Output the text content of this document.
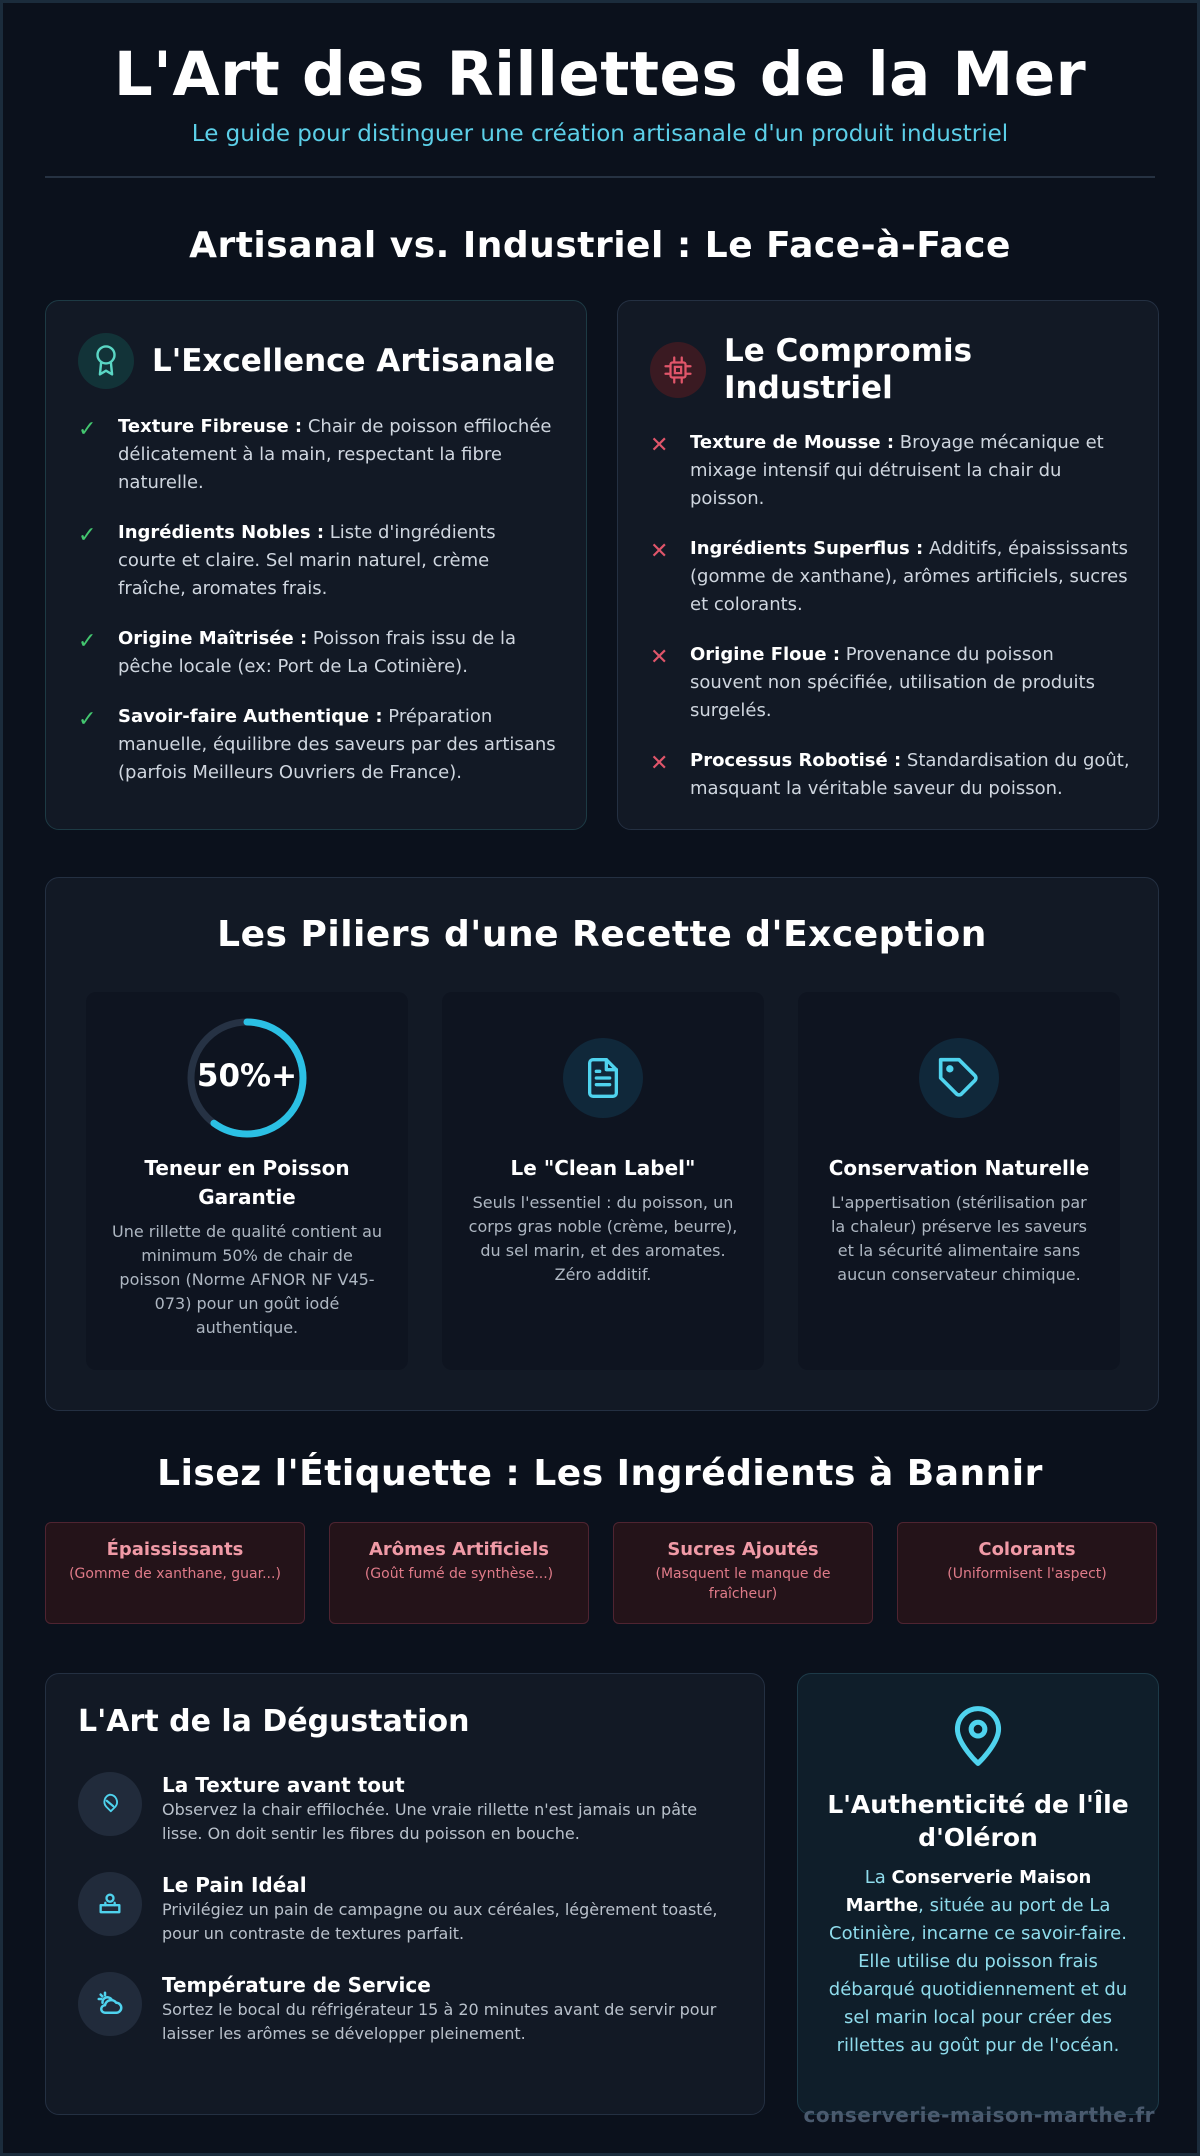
L'Art des Rillettes de la Mer
Le guide pour distinguer une création artisanale d'un produit industriel
Artisanal vs. Industriel : Le Face-à-Face
L'Excellence Artisanale
✓	Texture Fibreuse : Chair de poisson effilochée délicatement à la main, respectant la fibre naturelle.

✓	Ingrédients Nobles : Liste d'ingrédients courte et claire. Sel marin naturel, crème fraîche, aromates frais.

✓	Origine Maîtrisée : Poisson frais issu de la pêche locale (ex: Port de La Cotinière).

✓	Savoir-faire Authentique : Préparation manuelle, équilibre des saveurs par des artisans (parfois Meilleurs Ouvriers de France).

Le Compromis Industriel
✕	Texture de Mousse : Broyage mécanique et mixage intensif qui détruisent la chair du poisson.

✕	Ingrédients Superflus : Additifs, épaississants (gomme de xanthane), arômes artificiels, sucres et colorants.

✕	Origine Floue : Provenance du poisson souvent non spécifiée, utilisation de produits surgelés.

✕	Processus Robotisé : Standardisation du goût, masquant la véritable saveur du poisson.

Les Piliers d'une Recette d'Exception
50%+
Teneur en Poisson Garantie
Une rillette de qualité contient au minimum 50% de chair de poisson (Norme AFNOR NF V45-073) pour un goût iodé authentique.
Le "Clean Label"
Seuls l'essentiel : du poisson, un corps gras noble (crème, beurre), du sel marin, et des aromates. Zéro additif.
Conservation Naturelle
L'appertisation (stérilisation par la chaleur) préserve les saveurs et la sécurité alimentaire sans aucun conservateur chimique.
Lisez l'Étiquette : Les Ingrédients à Bannir
Épaississants
(Gomme de xanthane, guar...)
Arômes Artificiels
(Goût fumé de synthèse...)
Sucres Ajoutés
(Masquent le manque de fraîcheur)
Colorants
(Uniformisent l'aspect)
L'Art de la Dégustation
La Texture avant tout

Observez la chair effilochée. Une vraie rillette n'est jamais un pâte lisse. On doit sentir les fibres du poisson en bouche.

Le Pain Idéal

Privilégiez un pain de campagne ou aux céréales, légèrement toasté, pour un contraste de textures parfait.

Température de Service

Sortez le bocal du réfrigérateur 15 à 20 minutes avant de servir pour laisser les arômes se développer pleinement.

L'Authenticité de l'Île d'Oléron

La Conserverie Maison Marthe, située au port de La Cotinière, incarne ce savoir-faire. Elle utilise du poisson frais débarqué quotidiennement et du sel marin local pour créer des rillettes au goût pur de l'océan.

conserverie-maison-marthe.fr
